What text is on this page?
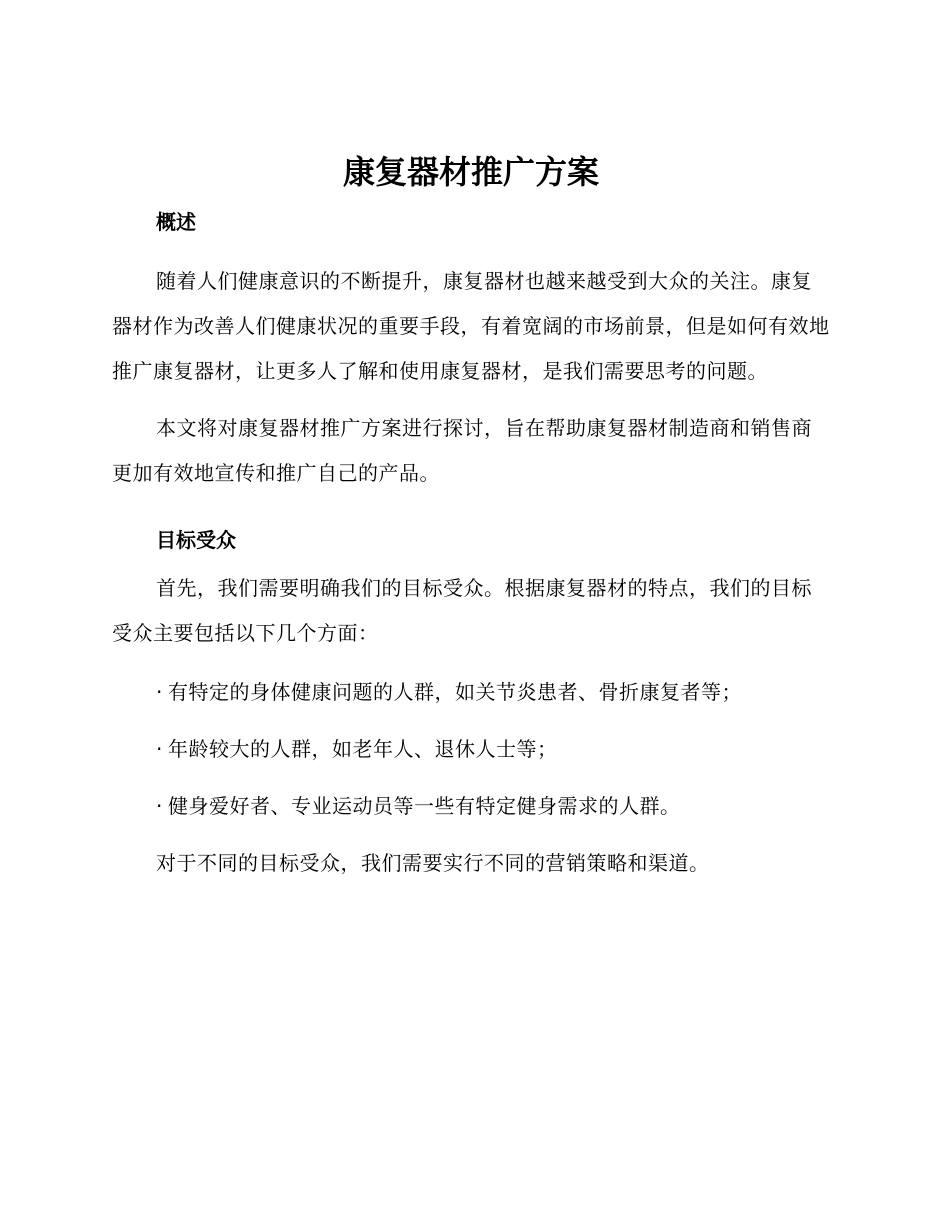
康复器材推广方案
概述

随着人们健康意识的不断提升，康复器材也越来越受到大众的关注。康复器材作为改善人们健康状况的重要手段，有着宽阔的市场前景，但是如何有效地推广康复器材，让更多人了解和使用康复器材，是我们需要思考的问题。

本文将对康复器材推广方案进行探讨，旨在帮助康复器材制造商和销售商更加有效地宣传和推广自己的产品。

目标受众

首先，我们需要明确我们的目标受众。根据康复器材的特点，我们的目标受众主要包括以下几个方面：

· 有特定的身体健康问题的人群，如关节炎患者、骨折康复者等；
· 年龄较大的人群，如老年人、退休人士等；
· 健身爱好者、专业运动员等一些有特定健身需求的人群。

对于不同的目标受众，我们需要实行不同的营销策略和渠道。
